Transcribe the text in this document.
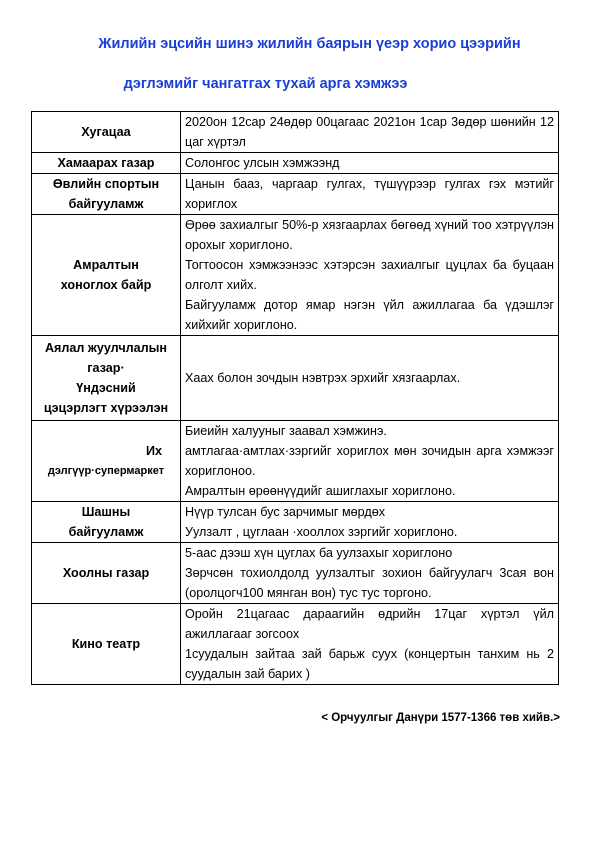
Жилийн эцсийн шинэ жилийн баярын үеэр хорио цээрийн
дэглэмийг чангатгах тухай арга хэмжээ
Хугацаа	2020он 12сар 24өдөр 00цагаас 2021он 1сар 3өдөр шөнийн 12 цаг хүртэл

Хамаарах газар	Солонгос улсын хэмжээнд

Өвлийн спортын
байгууламж	Цанын бааз, чаргаар гулгах, түшүүрээр гулгах гэх мэтийг хориглох

Амралтын
хоноглох байр	Өрөө захиалгыг 50%-р хязгаарлах бөгөөд хүний тоо хэтрүүлэн орохыг хориглоно.
Тогтоосон хэмжээнээс хэтэрсэн захиалгыг цуцлах ба буцаан олголт хийх.
Байгууламж дотор ямар нэгэн үйл ажиллагаа ба үдэшлэг хийхийг хориглоно.

Аялал жуулчлалын
газар·
Үндэсний
цэцэрлэгт хүрээлэн	Хаах болон зочдын нэвтрэх эрхийг хязгаарлах.

Их
дэлгүүр·супермаркет	Биеийн халууныг заавал хэмжинэ.
амтлагаа·амтлах·зэргийг хориглох мөн зочидын арга хэмжээг хориглоноо.
Амралтын өрөөнүүдийг ашиглахыг хориглоно.

Шашны
байгууламж	Нүүр тулсан бус зарчимыг мөрдөх
Уулзалт , цуглаан ·хооллох зэргийг хориглоно.

Хоолны газар	5-аас дээш хүн цуглах ба уулзахыг хориглоно
Зөрчсөн тохиолдолд уулзалтыг зохион байгуулагч 3сая вон (оролцогч100 мянган вон) тус тус торгоно.

Кино театр	Оройн 21цагаас дараагийн өдрийн 17цаг хүртэл үйл ажиллагааг зогсоох
1суудалын зайтаа зай барьж суух (концертын танхим нь 2 суудалын зай барих )
< Орчуулгыг Данүри 1577-1366 төв хийв.>
